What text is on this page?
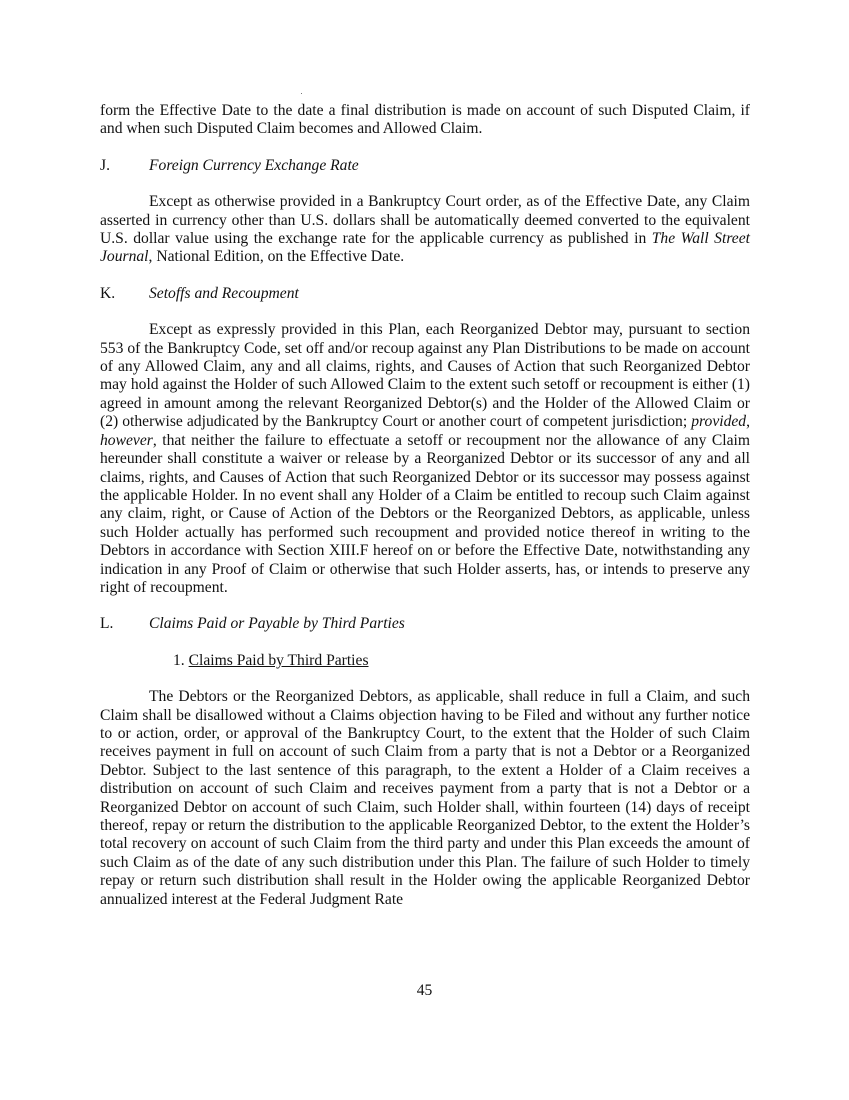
form the Effective Date to the date a final distribution is made on account of such Disputed Claim, if and when such Disputed Claim becomes and Allowed Claim.

J.	Foreign Currency Exchange Rate

Except as otherwise provided in a Bankruptcy Court order, as of the Effective Date, any Claim asserted in currency other than U.S. dollars shall be automatically deemed converted to the equivalent U.S. dollar value using the exchange rate for the applicable currency as published in The Wall Street Journal, National Edition, on the Effective Date.

K.	Setoffs and Recoupment

Except as expressly provided in this Plan, each Reorganized Debtor may, pursuant to section 553 of the Bankruptcy Code, set off and/or recoup against any Plan Distributions to be made on account of any Allowed Claim, any and all claims, rights, and Causes of Action that such Reorganized Debtor may hold against the Holder of such Allowed Claim to the extent such setoff or recoupment is either (1) agreed in amount among the relevant Reorganized Debtor(s) and the Holder of the Allowed Claim or (2) otherwise adjudicated by the Bankruptcy Court or another court of competent jurisdiction; provided, however, that neither the failure to effectuate a setoff or recoupment nor the allowance of any Claim hereunder shall constitute a waiver or release by a Reorganized Debtor or its successor of any and all claims, rights, and Causes of Action that such Reorganized Debtor or its successor may possess against the applicable Holder. In no event shall any Holder of a Claim be entitled to recoup such Claim against any claim, right, or Cause of Action of the Debtors or the Reorganized Debtors, as applicable, unless such Holder actually has performed such recoupment and provided notice thereof in writing to the Debtors in accordance with Section XIII.F hereof on or before the Effective Date, notwithstanding any indication in any Proof of Claim or otherwise that such Holder asserts, has, or intends to preserve any right of recoupment.

L.	Claims Paid or Payable by Third Parties
1. Claims Paid by Third Parties

The Debtors or the Reorganized Debtors, as applicable, shall reduce in full a Claim, and such Claim shall be disallowed without a Claims objection having to be Filed and without any further notice to or action, order, or approval of the Bankruptcy Court, to the extent that the Holder of such Claim receives payment in full on account of such Claim from a party that is not a Debtor or a Reorganized Debtor. Subject to the last sentence of this paragraph, to the extent a Holder of a Claim receives a distribution on account of such Claim and receives payment from a party that is not a Debtor or a Reorganized Debtor on account of such Claim, such Holder shall, within fourteen (14) days of receipt thereof, repay or return the distribution to the applicable Reorganized Debtor, to the extent the Holder’s total recovery on account of such Claim from the third party and under this Plan exceeds the amount of such Claim as of the date of any such distribution under this Plan. The failure of such Holder to timely repay or return such distribution shall result in the Holder owing the applicable Reorganized Debtor annualized interest at the Federal Judgment Rate

45
